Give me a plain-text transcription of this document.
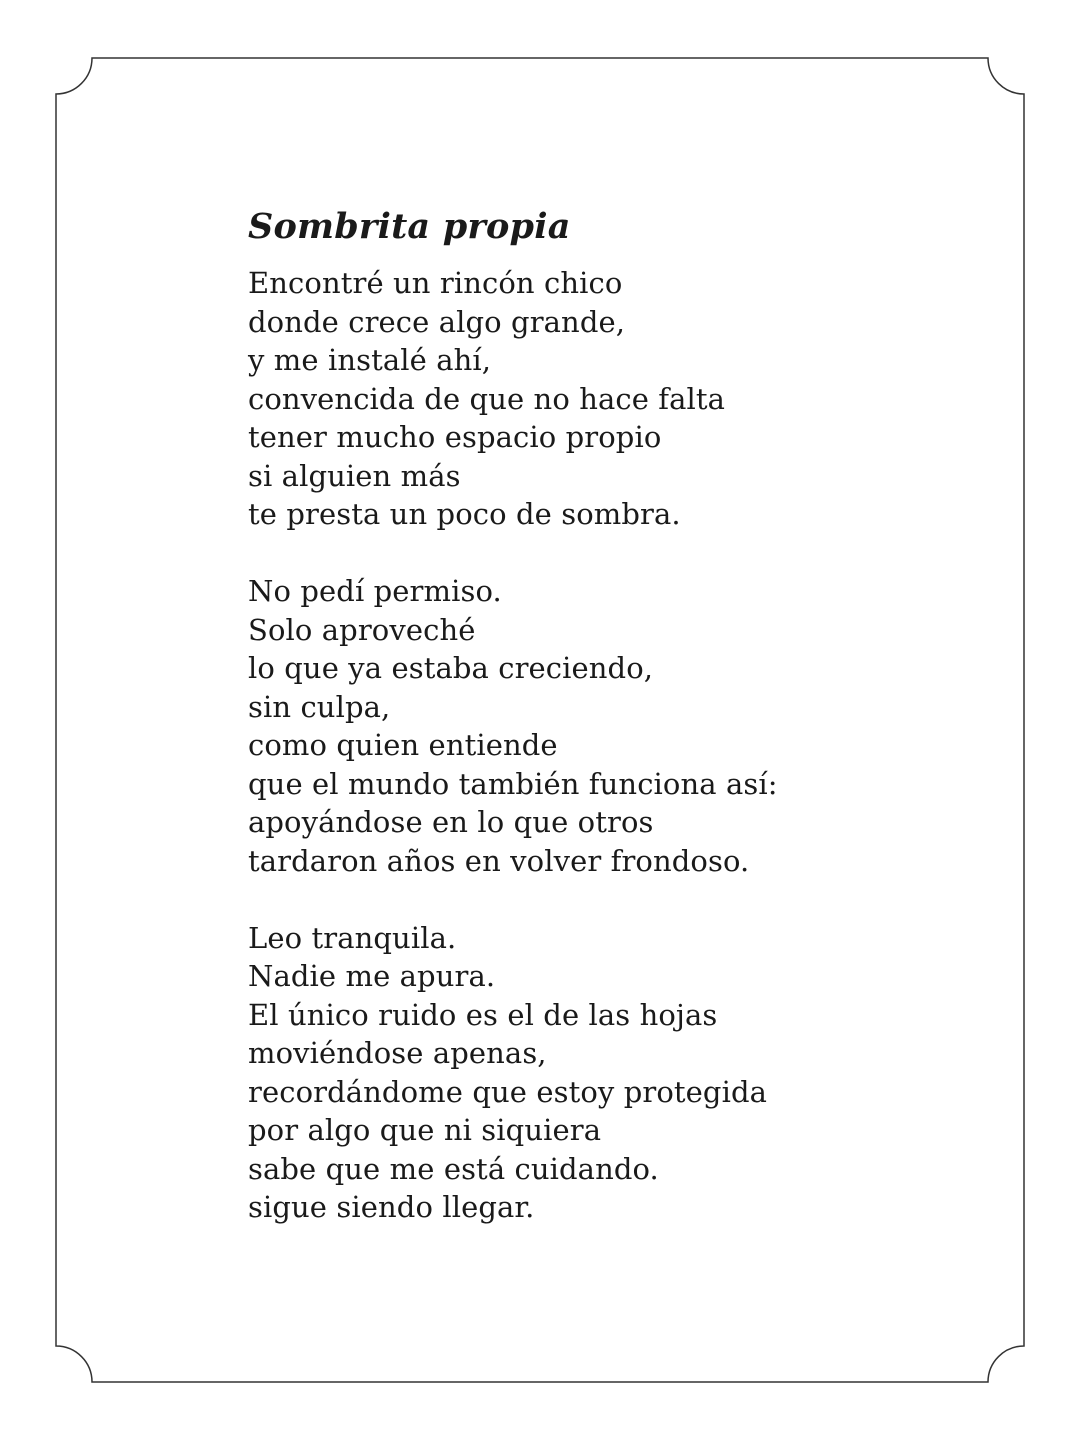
Sombrita propia
Encontré un rincón chico
donde crece algo grande,
y me instalé ahí,
convencida de que no hace falta
tener mucho espacio propio
si alguien más
te presta un poco de sombra.
No pedí permiso.
Solo aproveché
lo que ya estaba creciendo,
sin culpa,
como quien entiende
que el mundo también funciona así:
apoyándose en lo que otros
tardaron años en volver frondoso.
Leo tranquila.
Nadie me apura.
El único ruido es el de las hojas
moviéndose apenas,
recordándome que estoy protegida
por algo que ni siquiera
sabe que me está cuidando.
sigue siendo llegar.
